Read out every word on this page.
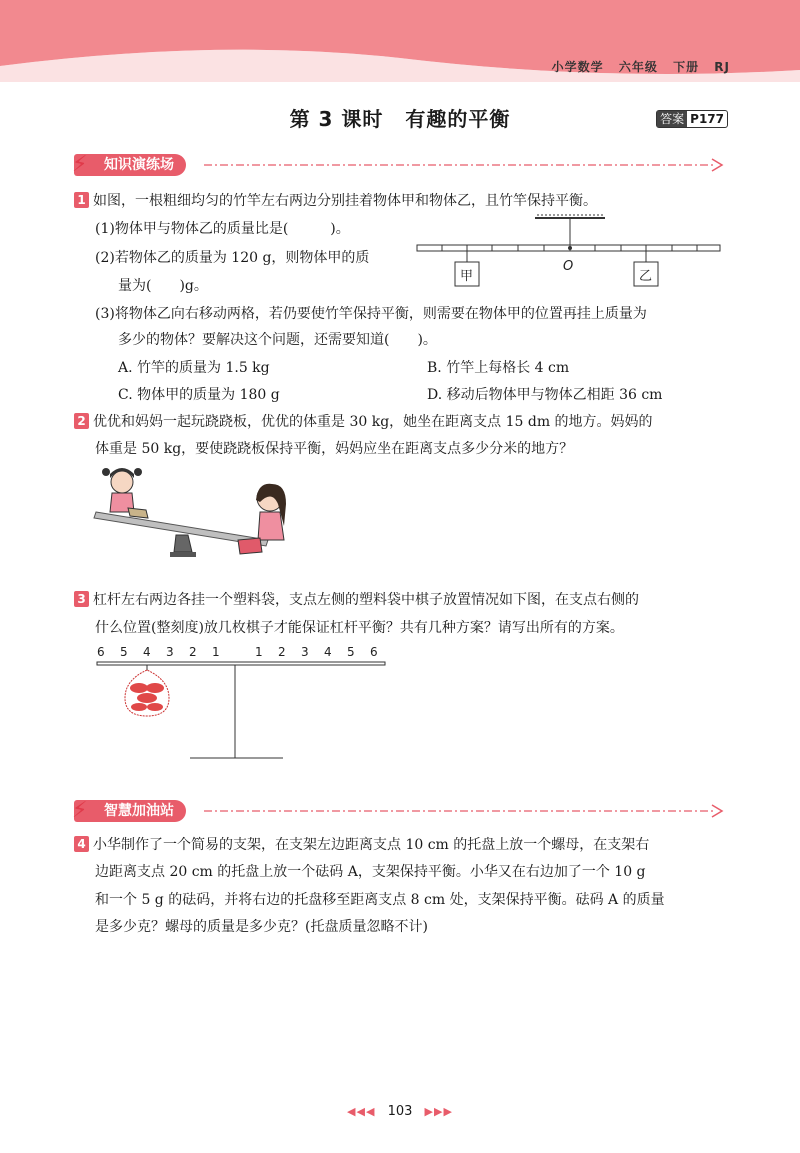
小学数学 六年级 下册 RJ
第 3 课时 有趣的平衡	答案 P177
知识演练场
⚡
1 如图，一根粗细均匀的竹竿左右两边分别挂着物体甲和物体乙，且竹竿保持平衡。
(1)物体甲与物体乙的质量比是(　　　)。
(2)若物体乙的质量为 120 g，则物体甲的质
量为(　　)g。
O
甲	乙
(3)将物体乙向右移动两格，若仍要使竹竿保持平衡，则需要在物体甲的位置再挂上质量为
多少的物体？要解决这个问题，还需要知道(　　)。
A. 竹竿的质量为 1.5 kg	B. 竹竿上每格长 4 cm
C. 物体甲的质量为 180 g	D. 移动后物体甲与物体乙相距 36 cm
2 优优和妈妈一起玩跷跷板，优优的体重是 30 kg，她坐在距离支点 15 dm 的地方。妈妈的
体重是 50 kg，要使跷跷板保持平衡，妈妈应坐在距离支点多少分米的地方？
3 杠杆左右两边各挂一个塑料袋，支点左侧的塑料袋中棋子放置情况如下图，在支点右侧的
什么位置(整刻度)放几枚棋子才能保证杠杆平衡？共有几种方案？请写出所有的方案。
6 5 4 3 2 1	1 2 3 4 5 6
智慧加油站
⚡
4 小华制作了一个简易的支架，在支架左边距离支点 10 cm 的托盘上放一个螺母，在支架右
边距离支点 20 cm 的托盘上放一个砝码 A，支架保持平衡。小华又在右边加了一个 10 g
和一个 5 g 的砝码，并将右边的托盘移至距离支点 8 cm 处，支架保持平衡。砝码 A 的质量
是多少克？螺母的质量是多少克？(托盘质量忽略不计)
◀◀◀ 103 ▶▶▶
